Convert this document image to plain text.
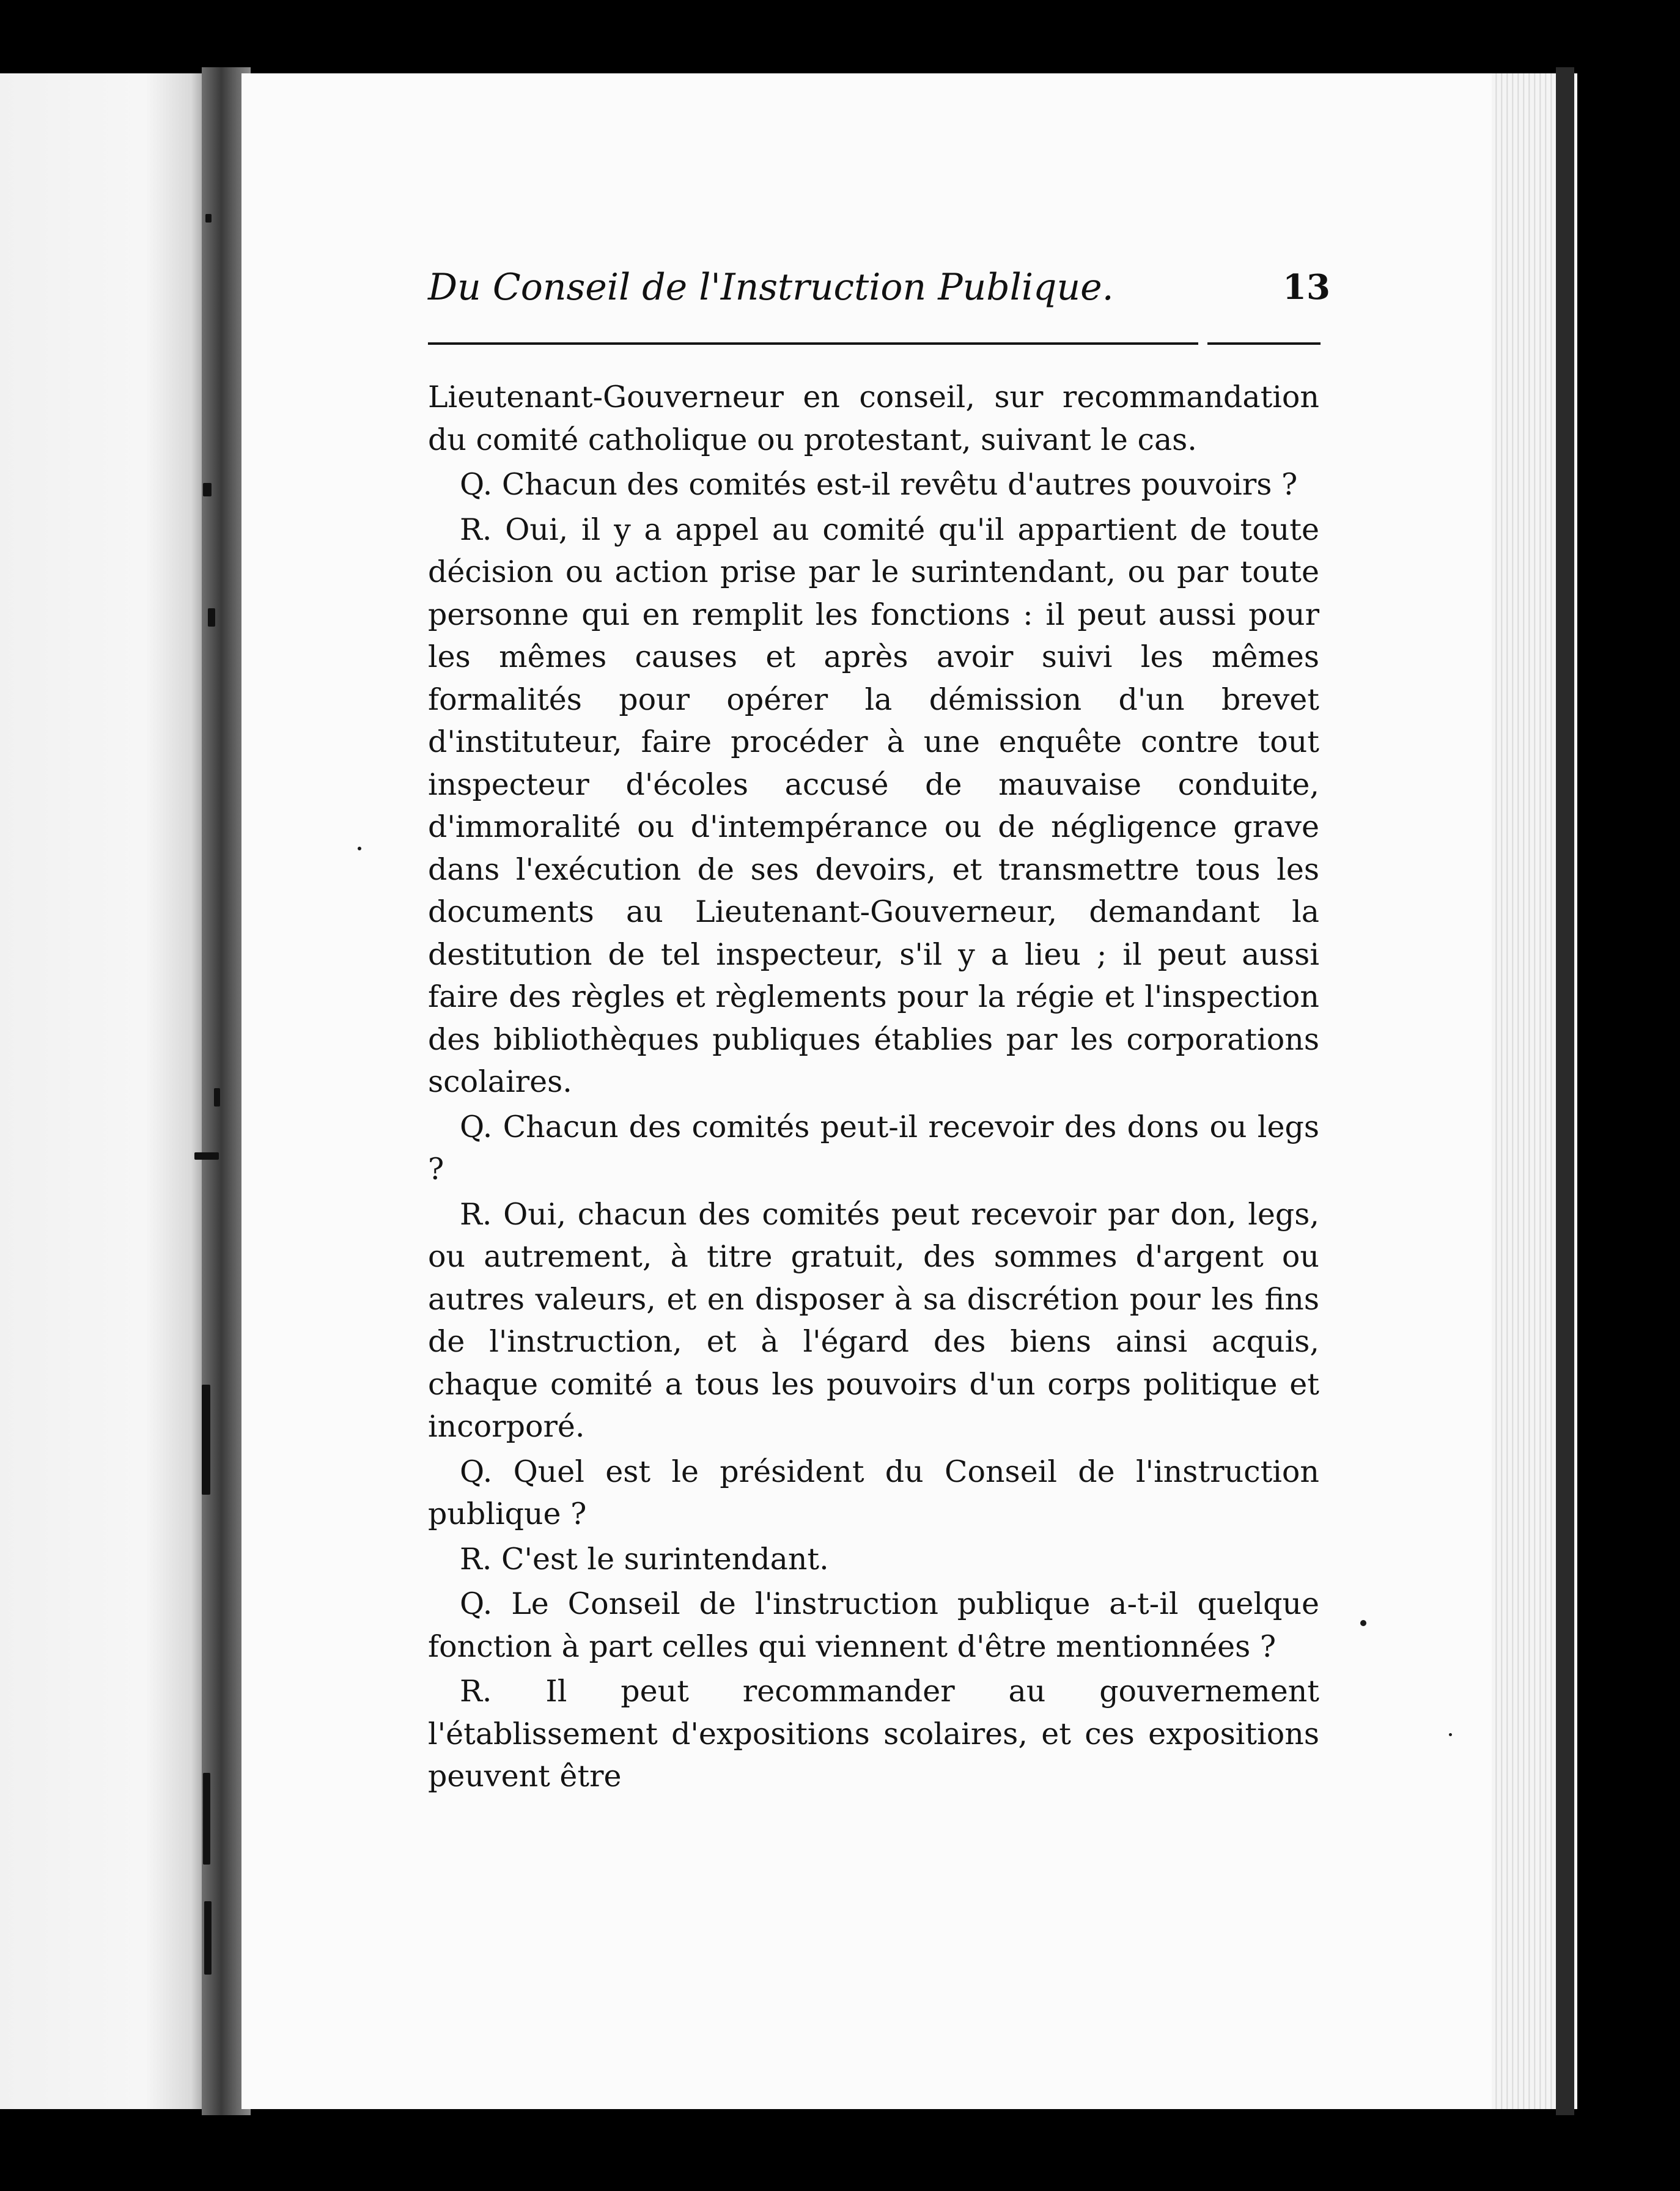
Du Conseil de l'Instruction Publique.	13

Lieutenant-Gouverneur en conseil, sur recommandation du comité catholique ou protestant, suivant le cas.

Q. Chacun des comités est-il revêtu d'autres pouvoirs ?

R. Oui, il y a appel au comité qu'il appartient de toute décision ou action prise par le surintendant, ou par toute personne qui en remplit les fonctions : il peut aussi pour les mêmes causes et après avoir suivi les mêmes formalités pour opérer la démission d'un brevet d'instituteur, faire procéder à une enquête contre tout inspecteur d'écoles accusé de mauvaise conduite, d'immoralité ou d'intempérance ou de négligence grave dans l'exécution de ses devoirs, et transmettre tous les documents au Lieutenant-Gouverneur, demandant la destitution de tel inspecteur, s'il y a lieu ; il peut aussi faire des règles et règlements pour la régie et l'inspection des bibliothèques publiques établies par les corporations scolaires.

Q. Chacun des comités peut-il recevoir des dons ou legs ?

R. Oui, chacun des comités peut recevoir par don, legs, ou autrement, à titre gratuit, des sommes d'argent ou autres valeurs, et en disposer à sa discrétion pour les fins de l'instruction, et à l'égard des biens ainsi acquis, chaque comité a tous les pouvoirs d'un corps politique et incorporé.

Q. Quel est le président du Conseil de l'instruction publique ?

R. C'est le surintendant.

Q. Le Conseil de l'instruction publique a-t-il quelque fonction à part celles qui viennent d'être mentionnées ?

R. Il peut recommander au gouvernement l'établissement d'expositions scolaires, et ces expositions peuvent être
